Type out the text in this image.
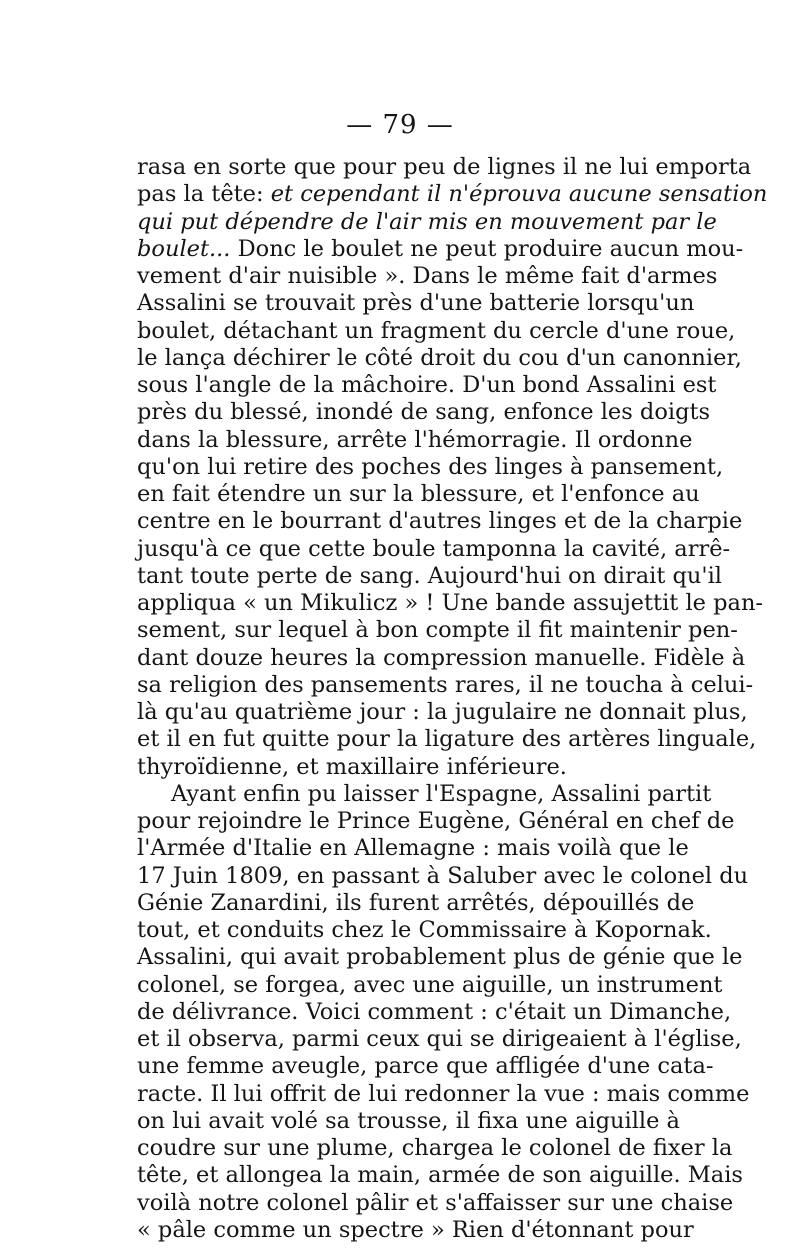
— 79 —
rasa en sorte que pour peu de lignes il ne lui emporta
pas la tête: et cependant il n'éprouva aucune sensation
qui put dépendre de l'air mis en mouvement par le
boulet... Donc le boulet ne peut produire aucun mou-
vement d'air nuisible ». Dans le même fait d'armes
Assalini se trouvait près d'une batterie lorsqu'un
boulet, détachant un fragment du cercle d'une roue,
le lança déchirer le côté droit du cou d'un canonnier,
sous l'angle de la mâchoire. D'un bond Assalini est
près du blessé, inondé de sang, enfonce les doigts
dans la blessure, arrête l'hémorragie. Il ordonne
qu'on lui retire des poches des linges à pansement,
en fait étendre un sur la blessure, et l'enfonce au
centre en le bourrant d'autres linges et de la charpie
jusqu'à ce que cette boule tamponna la cavité, arrê-
tant toute perte de sang. Aujourd'hui on dirait qu'il
appliqua « un Mikulicz » ! Une bande assujettit le pan-
sement, sur lequel à bon compte il fit maintenir pen-
dant douze heures la compression manuelle. Fidèle à
sa religion des pansements rares, il ne toucha à celui-
là qu'au quatrième jour : la jugulaire ne donnait plus,
et il en fut quitte pour la ligature des artères linguale,
thyroïdienne, et maxillaire inférieure.
Ayant enfin pu laisser l'Espagne, Assalini partit
pour rejoindre le Prince Eugène, Général en chef de
l'Armée d'Italie en Allemagne : mais voilà que le
17 Juin 1809, en passant à Saluber avec le colonel du
Génie Zanardini, ils furent arrêtés, dépouillés de
tout, et conduits chez le Commissaire à Kopornak.
Assalini, qui avait probablement plus de génie que le
colonel, se forgea, avec une aiguille, un instrument
de délivrance. Voici comment : c'était un Dimanche,
et il observa, parmi ceux qui se dirigeaient à l'église,
une femme aveugle, parce que affligée d'une cata-
racte. Il lui offrit de lui redonner la vue : mais comme
on lui avait volé sa trousse, il fixa une aiguille à
coudre sur une plume, chargea le colonel de fixer la
tête, et allongea la main, armée de son aiguille. Mais
voilà notre colonel pâlir et s'affaisser sur une chaise
« pâle comme un spectre » Rien d'étonnant pour
